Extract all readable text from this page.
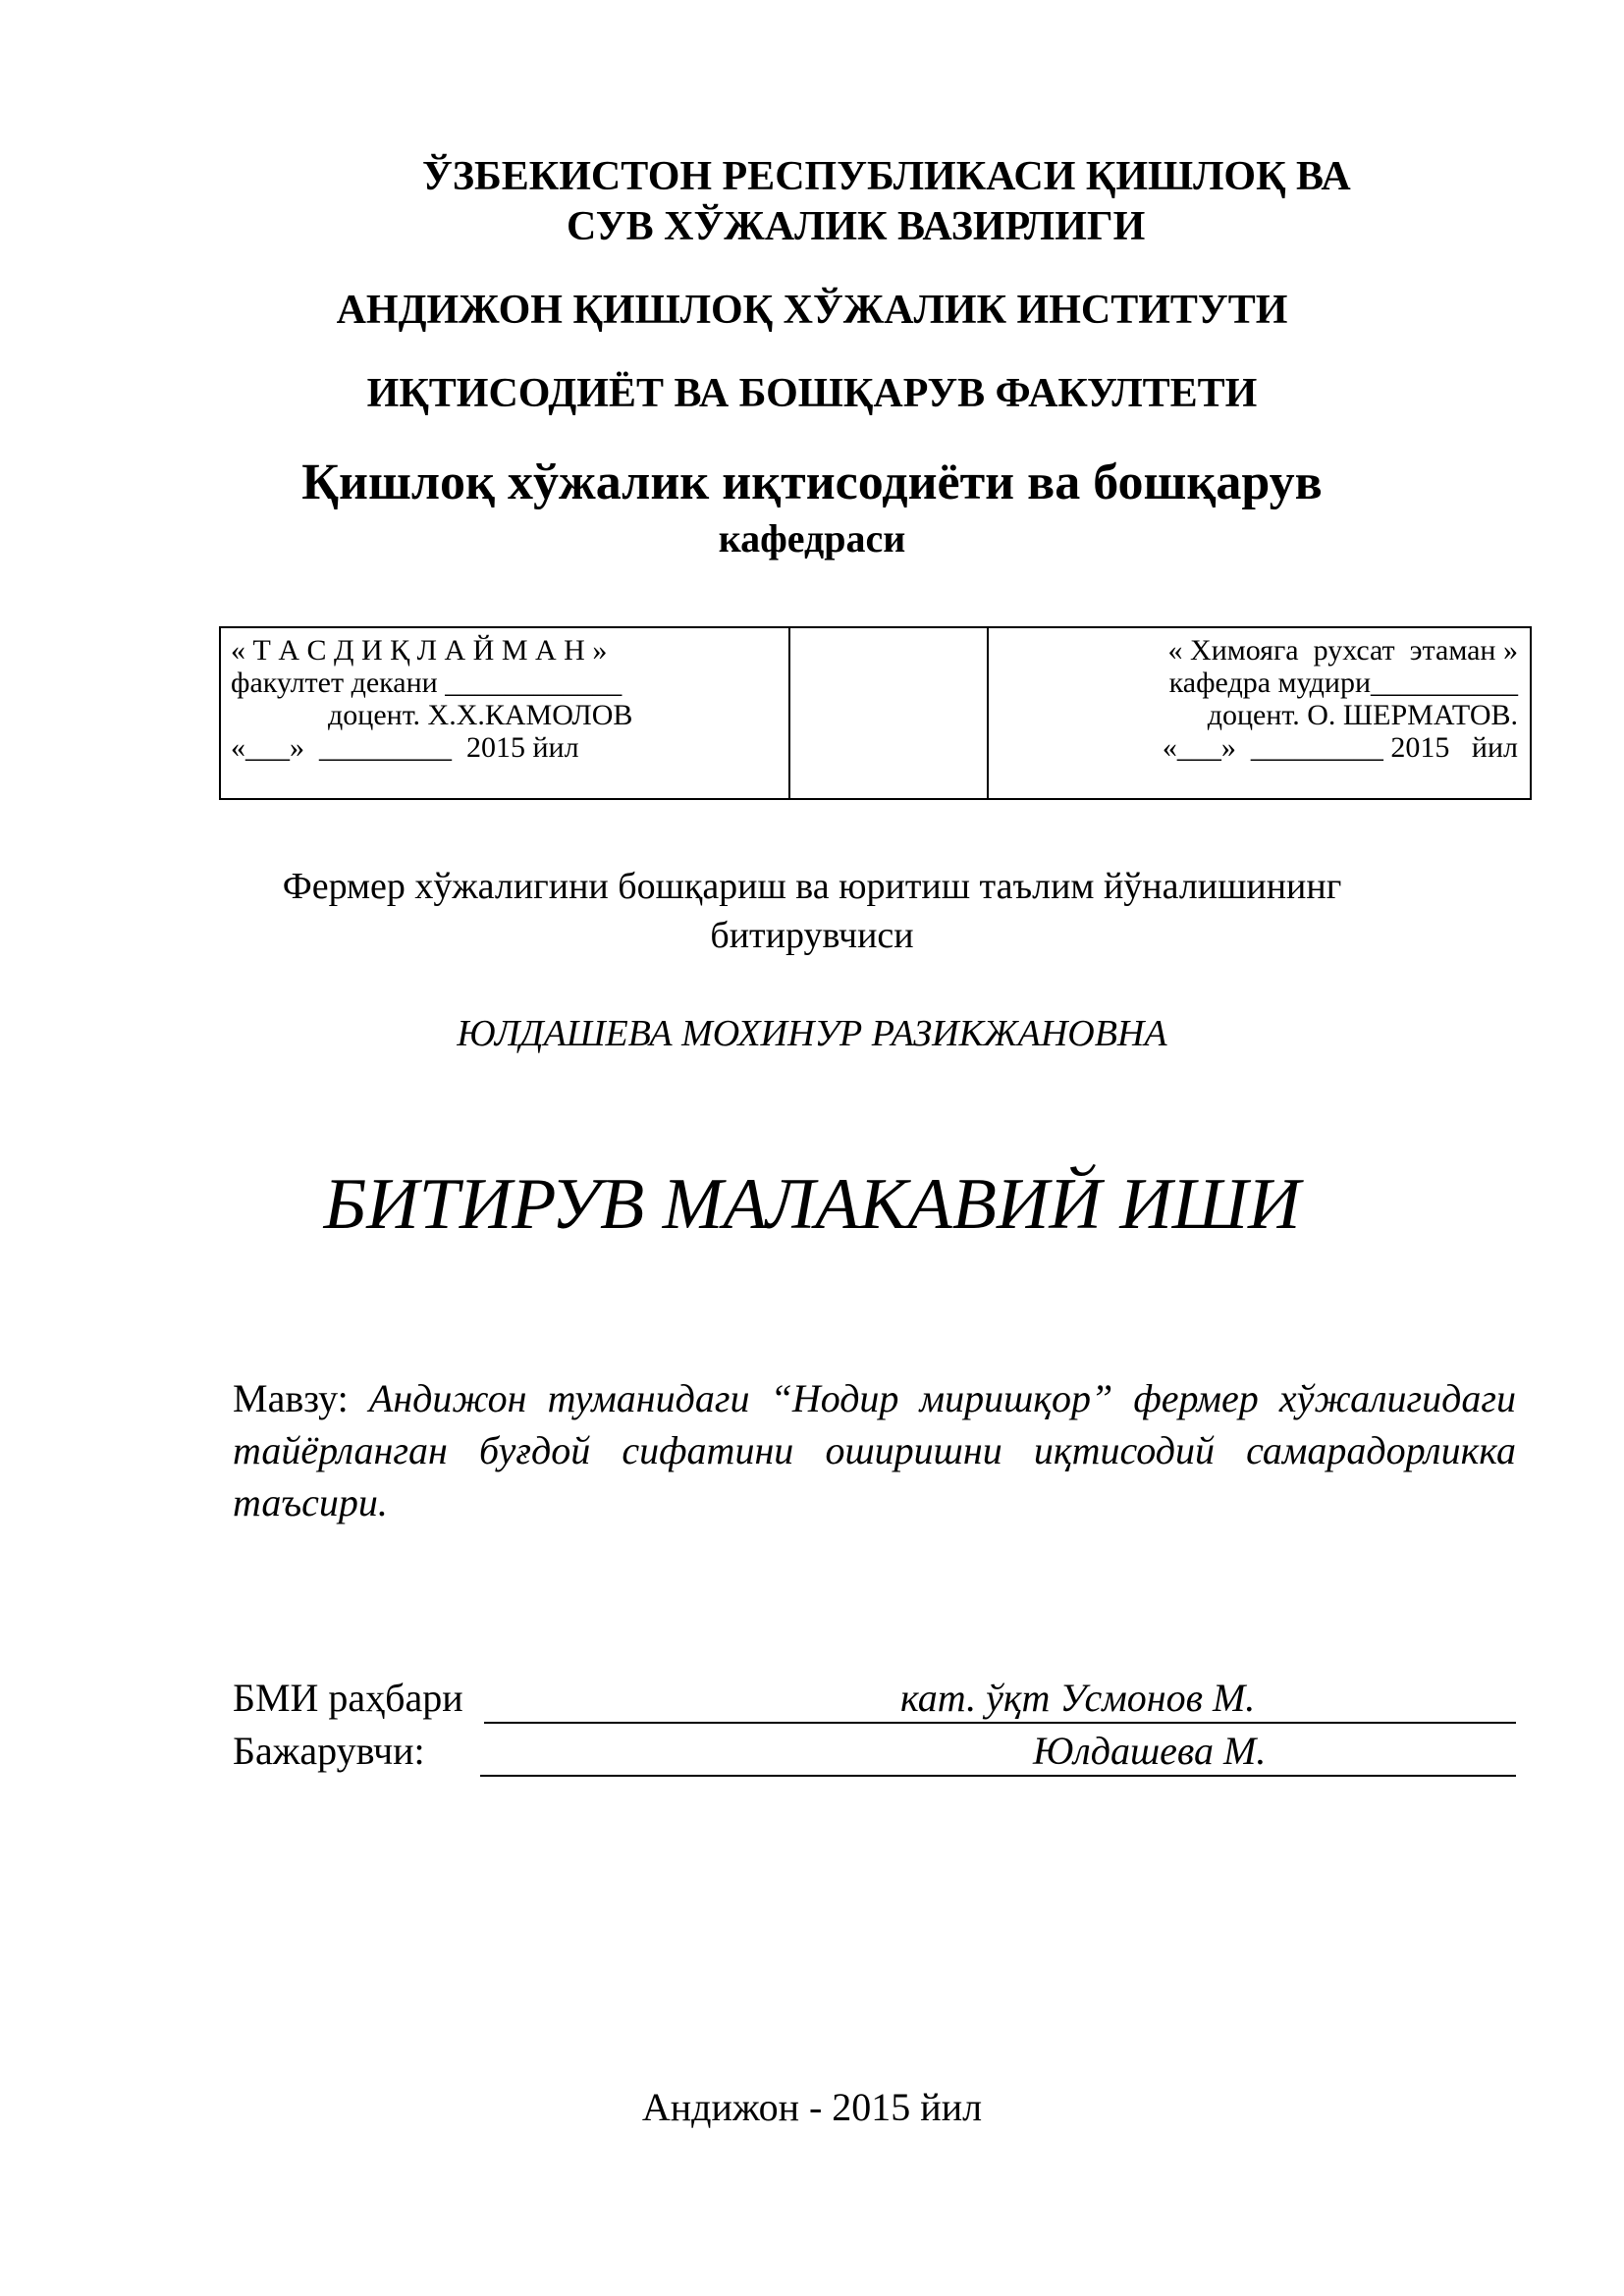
ЎЗБЕКИСТОН РЕСПУБЛИКАСИ ҚИШЛОҚ ВА
СУВ ХЎЖАЛИК ВАЗИРЛИГИ
АНДИЖОН ҚИШЛОҚ ХЎЖАЛИК ИНСТИТУТИ
ИҚТИСОДИЁТ ВА БОШҚАРУВ ФАКУЛТЕТИ
Қишлоқ хўжалик иқтисодиёти ва бошқарув
кафедраси
« Т А С Д И Қ Л А Й М А Н »
факултет декани ____________
доцент. Х.Х.КАМОЛОВ
«___»  _________  2015 йил
« Химояга  рухсат  этаман »
кафедра мудири__________
доцент. О. ШЕРМАТОВ.
«___»  _________ 2015   йил
Фермер хўжалигини бошқариш ва юритиш таълим йўналишининг
битирувчиси
ЮЛДАШЕВА МОХИНУР РАЗИКЖАНОВНА
БИТИРУВ МАЛАКАВИЙ ИШИ
Мавзу: Андижон туманидаги “Нодир миришқор” фермер хўжалигидаги тайёрланган буғдой сифатини оширишни иқтисодий самарадорликка таъсири.
БМИ раҳбари	кат. ўқт Усмонов М.
Бажарувчи:	Юлдашева М.
Андижон - 2015 йил
